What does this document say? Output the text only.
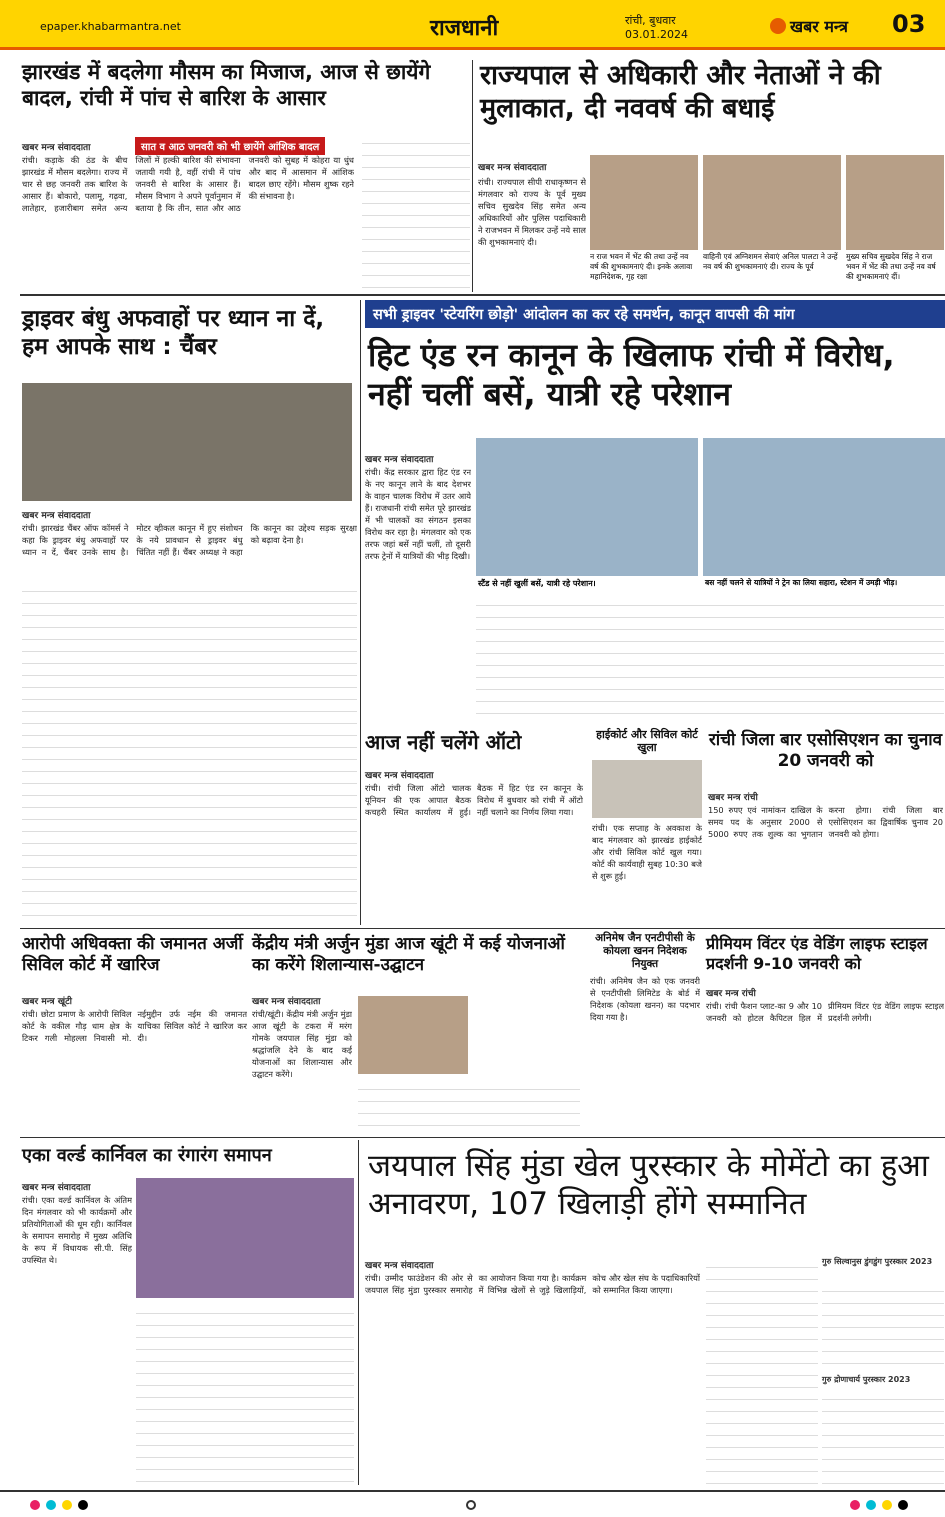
epaper.khabarmantra.net	राजधानी	रांची, बुधवार
03.01.2024	खबर मन्त्र 03
झारखंड में बदलेगा मौसम का मिजाज, आज से छायेंगे बादल, रांची में पांच से बारिश के आसार
खबर मन्त्र संवाददाता	सात व आठ जनवरी को भी छायेंगे आंशिक बादल
रांची। कड़ाके की ठंड के बीच झारखंड में मौसम बदलेगा। राज्य में चार से छह जनवरी तक बारिश के आसार हैं। बोकारो, पलामू, गढ़वा, लातेहार, हजारीबाग समेत अन्य जिलों में हल्की बारिश की संभावना जतायी गयी है, वहीं रांची में पांच जनवरी से बारिश के आसार हैं। मौसम विभाग ने अपने पूर्वानुमान में बताया है कि तीन, सात और आठ जनवरी को सुबह में कोहरा या धुंध और बाद में आसमान में आंशिक बादल छाए रहेंगे। मौसम शुष्क रहने की संभावना है।
राज्यपाल से अधिकारी और नेताओं ने की मुलाकात, दी नववर्ष की बधाई
खबर मन्त्र संवाददाता
रांची। राज्यपाल सीपी राधाकृष्णन से मंगलवार को राज्य के पूर्व मुख्य सचिव सुखदेव सिंह समेत अन्य अधिकारियों और पुलिस पदाधिकारी ने राजभवन में मिलकर उन्हें नये साल की शुभकामनाएं दी।
न राज भवन में भेंट की तथा उन्हें नव वर्ष की शुभकामनाएं दी। इनके अलावा महानिदेशक, गृह रक्षा
वाहिनी एवं अग्निशमन सेवाएं अनिल पालटा ने उन्हें नव वर्ष की शुभकामनाएं दी। राज्य के पूर्व
मुख्य सचिव सुखदेव सिंह ने राज भवन में भेंट की तथा उन्हें नव वर्ष की शुभकामनाएं दीं।
ड्राइवर बंधु अफवाहों पर ध्यान ना दें, हम आपके साथ : चैंबर
खबर मन्त्र संवाददाता
रांची। झारखंड चैंबर ऑफ कॉमर्स ने कहा कि ड्राइवर बंधु अफवाहों पर ध्यान न दें, चैंबर उनके साथ है। मोटर व्हीकल कानून में हुए संशोधन के नये प्रावधान से ड्राइवर बंधु चिंतित नहीं हैं। चैंबर अध्यक्ष ने कहा कि कानून का उद्देश्य सड़क सुरक्षा को बढ़ावा देना है।
सभी ड्राइवर 'स्टेयरिंग छोड़ो' आंदोलन का कर रहे समर्थन, कानून वापसी की मांग
हिट एंड रन कानून के खिलाफ रांची में विरोध, नहीं चलीं बसें, यात्री रहे परेशान
खबर मन्त्र संवाददाता
रांची। केंद्र सरकार द्वारा हिट एंड रन के नए कानून लाने के बाद देशभर के वाहन चालक विरोध में उतर आये हैं। राजधानी रांची समेत पूरे झारखंड में भी चालकों का संगठन इसका विरोध कर रहा है। मंगलवार को एक तरफ जहां बसें नहीं चलीं, तो दूसरी तरफ ट्रेनों में यात्रियों की भीड़ दिखी।
स्टैंड से नहीं खुलीं बसें, यात्री रहे परेशान।	बस नहीं चलने से यात्रियों ने ट्रेन का लिया सहारा, स्टेशन में उमड़ी भीड़।
आज नहीं चलेंगे ऑटो
खबर मन्त्र संवाददाता
रांची। रांची जिला ऑटो चालक यूनियन की एक आपात बैठक कचहरी स्थित कार्यालय में हुई। बैठक में हिट एंड रन कानून के विरोध में बुधवार को रांची में ऑटो नहीं चलाने का निर्णय लिया गया।
हाईकोर्ट और सिविल कोर्ट खुला
रांची। एक सप्ताह के अवकाश के बाद मंगलवार को झारखंड हाईकोर्ट और रांची सिविल कोर्ट खुल गया। कोर्ट की कार्यवाही सुबह 10:30 बजे से शुरू हुई।
रांची जिला बार एसोसिएशन का चुनाव 20 जनवरी को
खबर मन्त्र रांची
150 रुपए एवं नामांकन दाखिल के समय पद के अनुसार 2000 से 5000 रुपए तक शुल्क का भुगतान करना होगा। रांची जिला बार एसोसिएशन का द्विवार्षिक चुनाव 20 जनवरी को होगा।
आरोपी अधिवक्ता की जमानत अर्जी सिविल कोर्ट में खारिज
खबर मन्त्र खूंटी
रांची। छोटा प्रमाण के आरोपी सिविल कोर्ट के वकील गौड़ धाम क्षेत्र के टिकर गली मोहल्ला निवासी मो. नईमुद्दीन उर्फ नईम की जमानत याचिका सिविल कोर्ट ने खारिज कर दी।
केंद्रीय मंत्री अर्जुन मुंडा आज खूंटी में कई योजनाओं का करेंगे शिलान्यास-उद्घाटन
खबर मन्त्र संवाददाता
रांची/खूंटी। केंद्रीय मंत्री अर्जुन मुंडा आज खूंटी के टकरा में मरंग गोमके जयपाल सिंह मुंडा को श्रद्धांजलि देने के बाद कई योजनाओं का शिलान्यास और उद्घाटन करेंगे।
अनिमेष जैन एनटीपीसी के कोयला खनन निदेशक नियुक्त
रांची। अनिमेष जैन को एक जनवरी से एनटीपीसी लिमिटेड के बोर्ड में निदेशक (कोयला खनन) का पदभार दिया गया है।
प्रीमियम विंटर एंड वेडिंग लाइफ स्टाइल प्रदर्शनी 9-10 जनवरी को
खबर मन्त्र रांची
रांची। रांची फैशन प्लाट-का 9 और 10 जनवरी को होटल कैपिटल हिल में प्रीमियम विंटर एंड वेडिंग लाइफ स्टाइल प्रदर्शनी लगेगी।
एका वर्ल्ड कार्निवल का रंगारंग समापन
खबर मन्त्र संवाददाता
रांची। एका वर्ल्ड कार्निवल के अंतिम दिन मंगलवार को भी कार्यक्रमों और प्रतियोगिताओं की धूम रही। कार्निवल के समापन समारोह में मुख्य अतिथि के रूप में विधायक सी.पी. सिंह उपस्थित थे।
जयपाल सिंह मुंडा खेल पुरस्कार के मोमेंटो का हुआ अनावरण, 107 खिलाड़ी होंगे सम्मानित
खबर मन्त्र संवाददाता
रांची। उम्मीद फाउंडेशन की ओर से जयपाल सिंह मुंडा पुरस्कार समारोह का आयोजन किया गया है। कार्यक्रम में विभिन्न खेलों से जुड़े खिलाड़ियों, कोच और खेल संघ के पदाधिकारियों को सम्मानित किया जाएगा।
गुरु सिल्वानुस डुंगडुंग पुरस्कार 2023
गुरु द्रोणाचार्य पुरस्कार 2023
